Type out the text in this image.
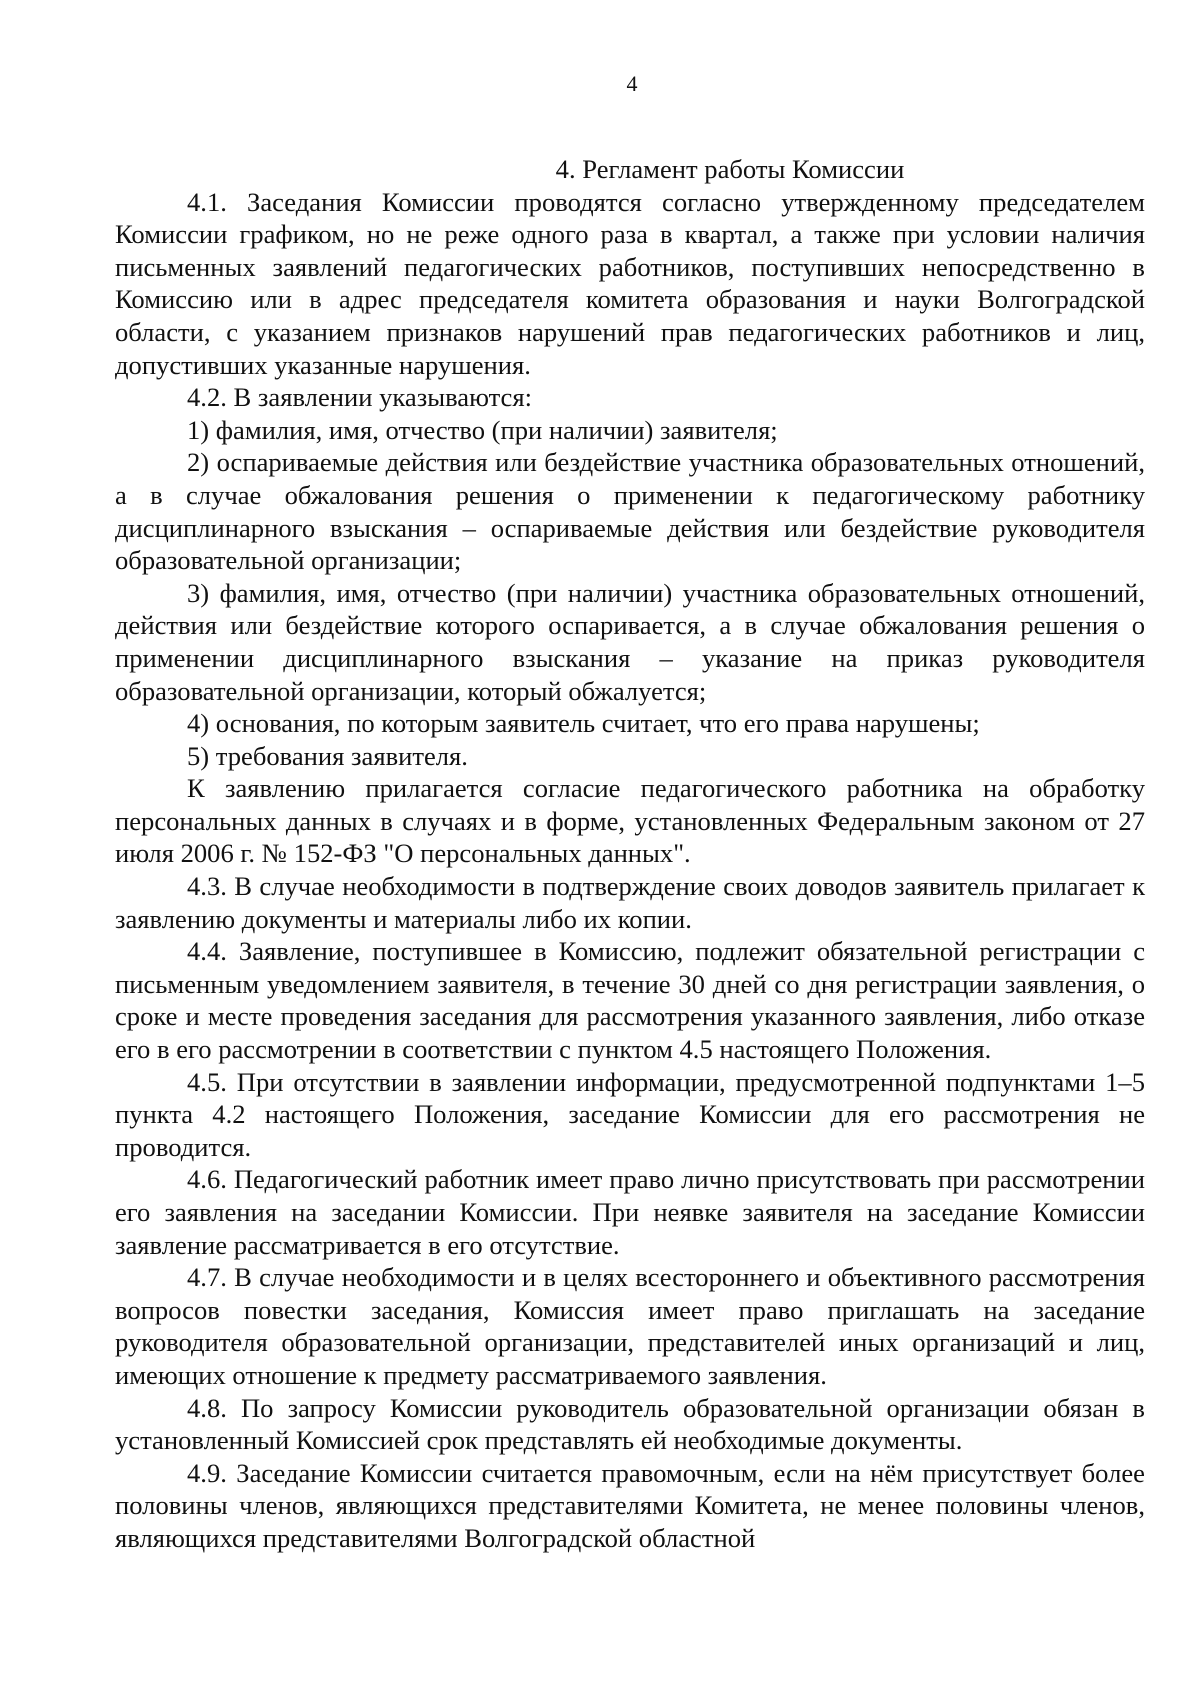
4

4. Регламент работы Комиссии

4.1. Заседания Комиссии проводятся согласно утвержденному председателем Комиссии графиком, но не реже одного раза в квартал, а также при условии наличия письменных заявлений педагогических работников, поступивших непосредственно в Комиссию или в адрес председателя комитета образования и науки Волгоградской области, с указанием признаков нарушений прав педагогических работников и лиц, допустивших указанные нарушения.

4.2. В заявлении указываются:

1) фамилия, имя, отчество (при наличии) заявителя;

2) оспариваемые действия или бездействие участника образовательных отношений, а в случае обжалования решения о применении к педагогическому работнику дисциплинарного взыскания – оспариваемые действия или бездействие руководителя образовательной организации;

3) фамилия, имя, отчество (при наличии) участника образовательных отношений, действия или бездействие которого оспаривается, а в случае обжалования решения о применении дисциплинарного взыскания – указание на приказ руководителя образовательной организации, который обжалуется;

4) основания, по которым заявитель считает, что его права нарушены;

5) требования заявителя.

К заявлению прилагается согласие педагогического работника на обработку персональных данных в случаях и в форме, установленных Федеральным законом от 27 июля 2006 г. № 152-ФЗ "О персональных данных".

4.3. В случае необходимости в подтверждение своих доводов заявитель прилагает к заявлению документы и материалы либо их копии.

4.4. Заявление, поступившее в Комиссию, подлежит обязательной регистрации с письменным уведомлением заявителя, в течение 30 дней со дня регистрации заявления, о сроке и месте проведения заседания для рассмотрения указанного заявления, либо отказе его в его рассмотрении в соответствии с пунктом 4.5 настоящего Положения.

4.5. При отсутствии в заявлении информации, предусмотренной подпунктами 1–5 пункта 4.2 настоящего Положения, заседание Комиссии для его рассмотрения не проводится.

4.6. Педагогический работник имеет право лично присутствовать при рассмотрении его заявления на заседании Комиссии. При неявке заявителя на заседание Комиссии заявление рассматривается в его отсутствие.

4.7. В случае необходимости и в целях всестороннего и объективного рассмотрения вопросов повестки заседания, Комиссия имеет право приглашать на заседание руководителя образовательной организации, представителей иных организаций и лиц, имеющих отношение к предмету рассматриваемого заявления.

4.8. По запросу Комиссии руководитель образовательной организации обязан в установленный Комиссией срок представлять ей необходимые документы.

4.9. Заседание Комиссии считается правомочным, если на нём присутствует более половины членов, являющихся представителями Комитета, не менее половины членов, являющихся представителями Волгоградской областной
